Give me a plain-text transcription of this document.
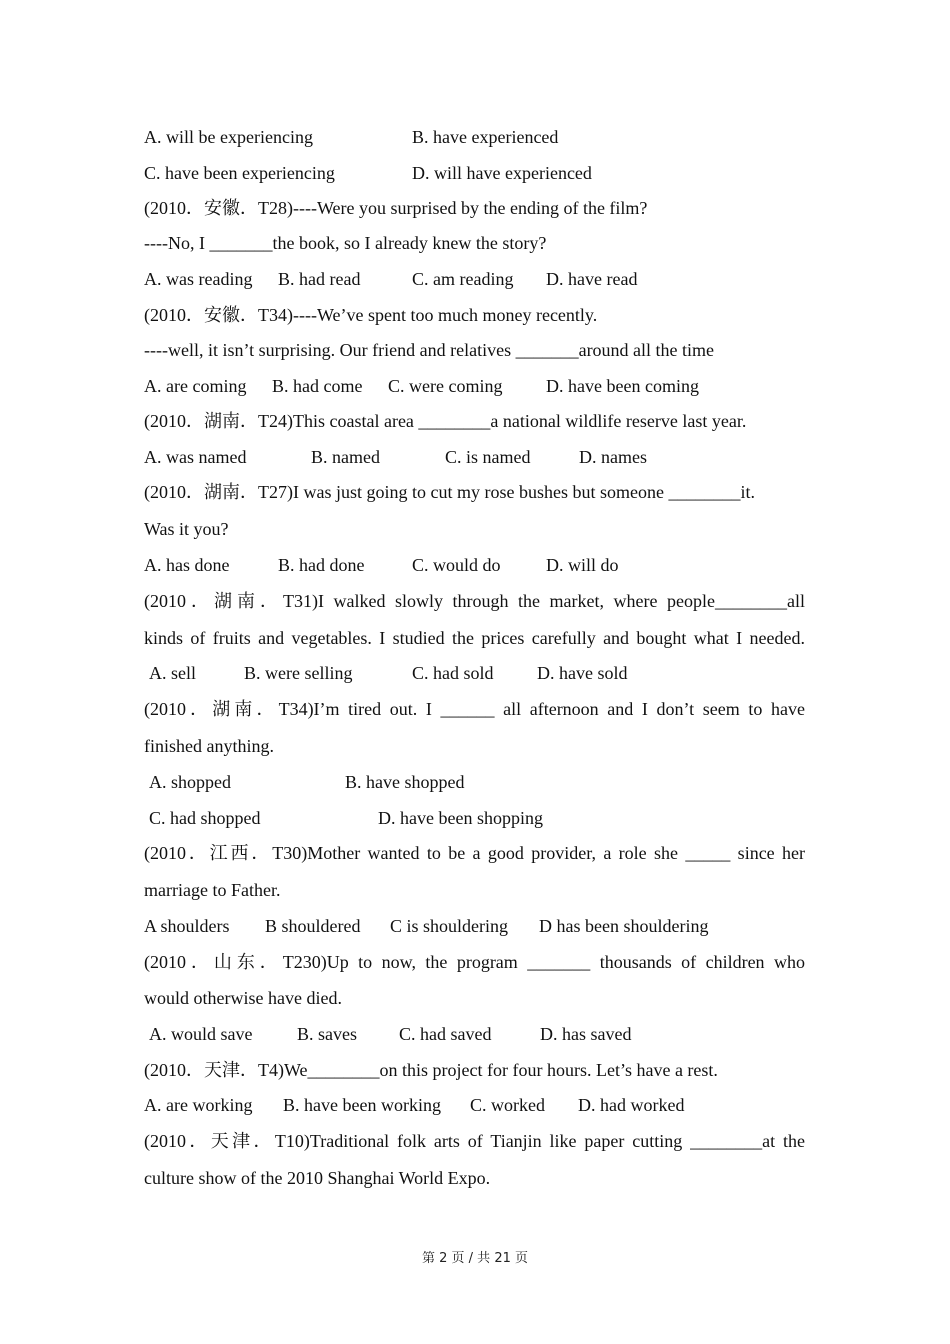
A. will be experiencing	B. have experienced
C. have been experiencing	D. will have experienced
(2010．安徽．T28)----Were you surprised by the ending of the film?
----No, I _______the book, so I already knew the story?
A. was reading B. had read	C. am reading D. have read
(2010．安徽．T34)----We’ve spent too much money recently.
----well, it isn’t surprising. Our friend and relatives _______around all the time
A. are coming B. had come C. were coming D. have been coming
(2010．湖南．T24)This coastal area ________a national wildlife reserve last year.
A. was named	B. named	C. is named	D. names
(2010．湖南．T27)I was just going to cut my rose bushes but someone ________it.
Was it you?
A. has done	B. had done	C. would do	D. will do
(2010．湖南．T31)I walked slowly through the market, where people________all
kinds of fruits and vegetables. I studied the prices carefully and bought what I needed.
A. sell	B. were selling	C. had sold D. have sold
(2010．湖南．T34)I’m tired out. I ______ all afternoon and I don’t seem to have
finished anything.
A. shopped	B. have shopped
C. had shopped	D. have been shopping
(2010．江西．T30)Mother wanted to be a good provider, a role she _____ since her
marriage to Father.
A shoulders B shouldered C is shouldering D has been shouldering
(2010．山东．T230)Up to now, the program _______ thousands of children who
would otherwise have died.
A. would save B. saves C. had saved	D. has saved
(2010．天津．T4)We________on this project for four hours. Let’s have a rest.
A. are working B. have been working C. worked D. had worked
(2010．天津．T10)Traditional folk arts of Tianjin like paper cutting ________at the
culture show of the 2010 Shanghai World Expo.
第 2 页 / 共 21 页
